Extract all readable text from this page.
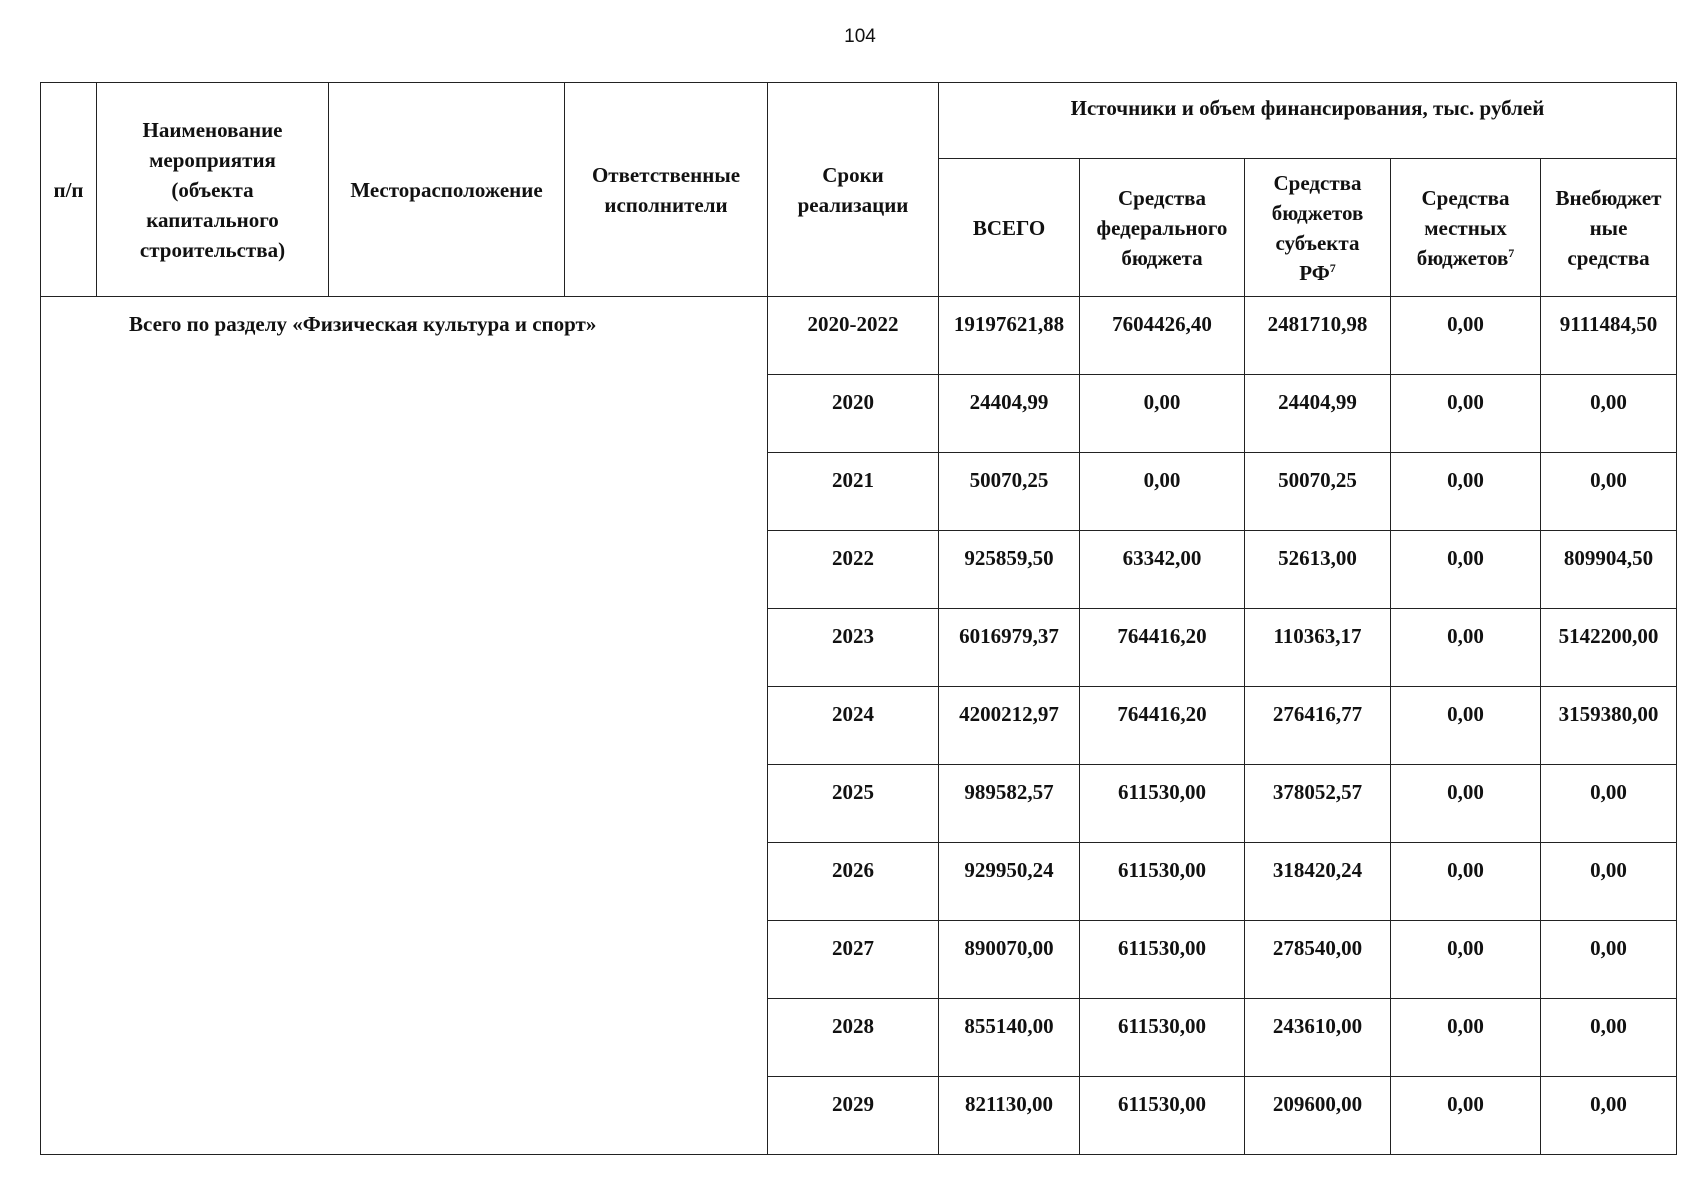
104
п/п	Наименование
мероприятия
(объекта
капитального
строительства)	Месторасположение	Ответственные
исполнители	Сроки
реализации	Источники и объем финансирования, тыс. рублей				
					ВСЕГО	Средства
федерального
бюджета	Средства
бюджетов
субъекта
$РФ^7$	Средства
местных
бюджетов$^7$	Внебюджет
ные
средства

Всего по разделу «Физическая культура и спорт»				2020-2022	19197621,88	7604426,40	2481710,98	0,00	9111484,50
				2020	24404,99	0,00	24404,99	0,00	0,00
				2021	50070,25	0,00	50070,25	0,00	0,00
				2022	925859,50	63342,00	52613,00	0,00	809904,50
				2023	6016979,37	764416,20	110363,17	0,00	5142200,00
				2024	4200212,97	764416,20	276416,77	0,00	3159380,00
				2025	989582,57	611530,00	378052,57	0,00	0,00
				2026	929950,24	611530,00	318420,24	0,00	0,00
				2027	890070,00	611530,00	278540,00	0,00	0,00
				2028	855140,00	611530,00	243610,00	0,00	0,00
				2029	821130,00	611530,00	209600,00	0,00	0,00
